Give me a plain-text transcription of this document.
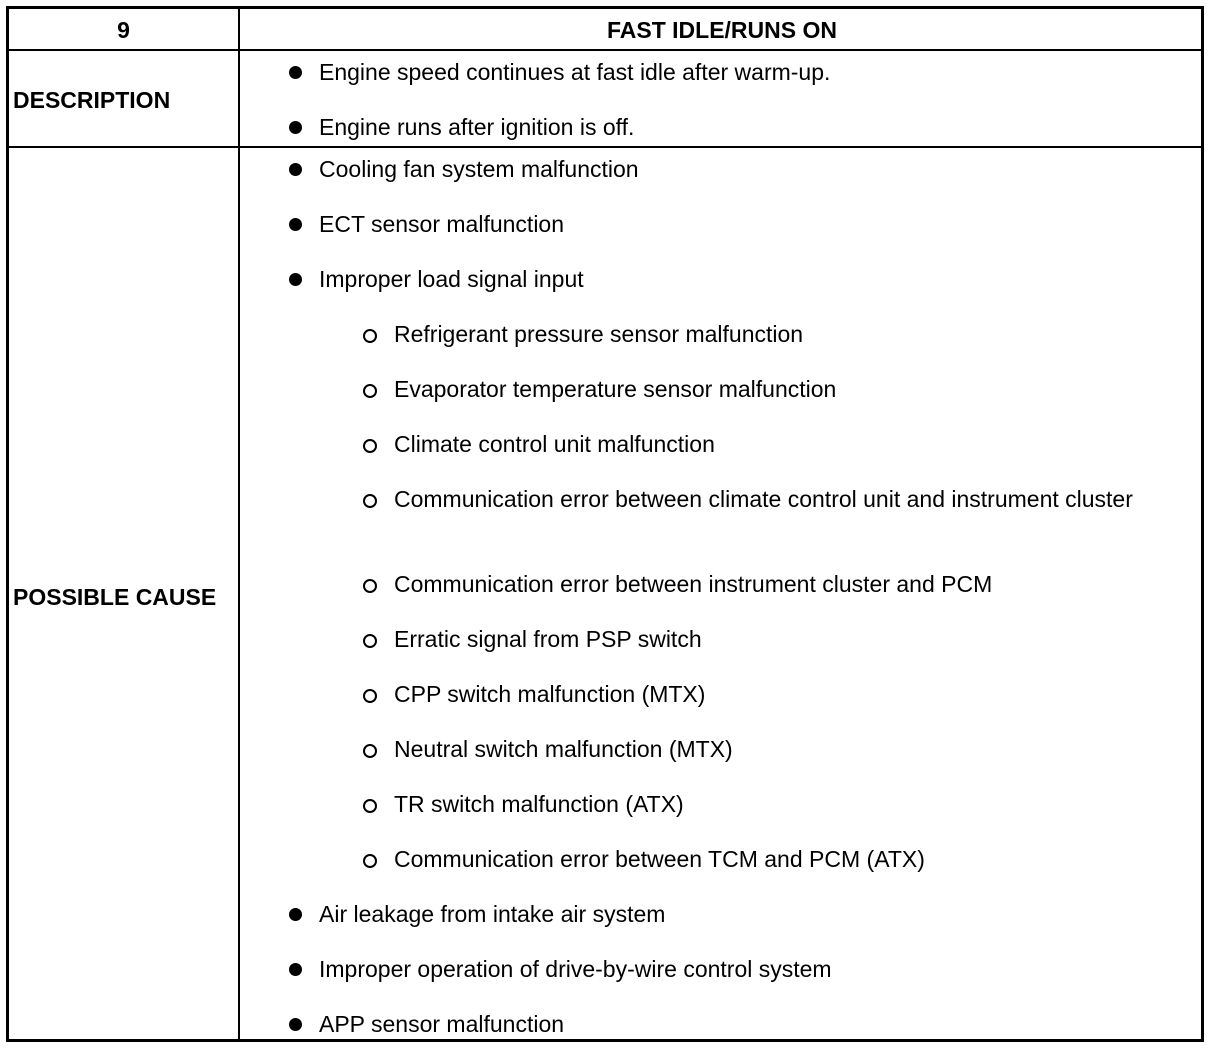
9	FAST IDLE/RUNS ON
DESCRIPTION
Engine speed continues at fast idle after warm-up.
Engine runs after ignition is off.
POSSIBLE CAUSE
Cooling fan system malfunction
ECT sensor malfunction
Improper load signal input
Refrigerant pressure sensor malfunction
Evaporator temperature sensor malfunction
Climate control unit malfunction
Communication error between climate control unit and instrument cluster
Communication error between instrument cluster and PCM
Erratic signal from PSP switch
CPP switch malfunction (MTX)
Neutral switch malfunction (MTX)
TR switch malfunction (ATX)
Communication error between TCM and PCM (ATX)
Air leakage from intake air system
Improper operation of drive-by-wire control system
APP sensor malfunction
